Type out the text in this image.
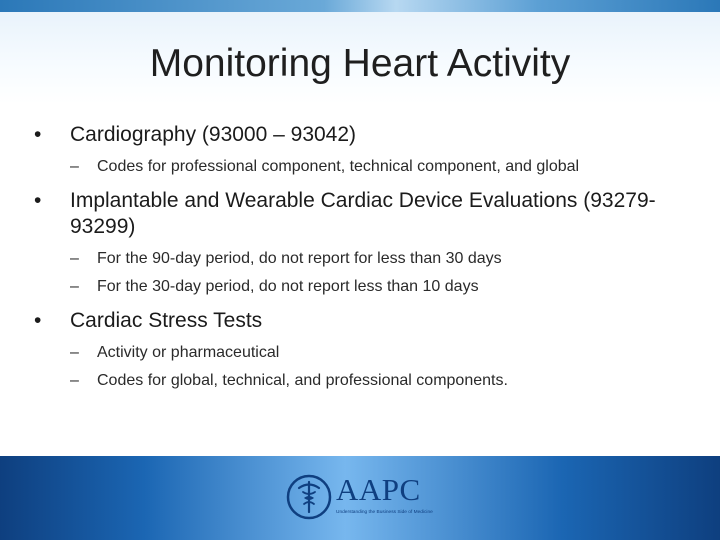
Monitoring Heart Activity
• Cardiography (93000 – 93042)
– Codes for professional component, technical component, and global
• Implantable and Wearable Cardiac Device Evaluations (93279-93299)
– For the 90-day period, do not report for less than 30 days
– For the 30-day period, do not report less than 10 days
• Cardiac Stress Tests
– Activity or pharmaceutical
– Codes for global, technical, and professional components.
AAPC
Understanding the Business Side of Medicine
